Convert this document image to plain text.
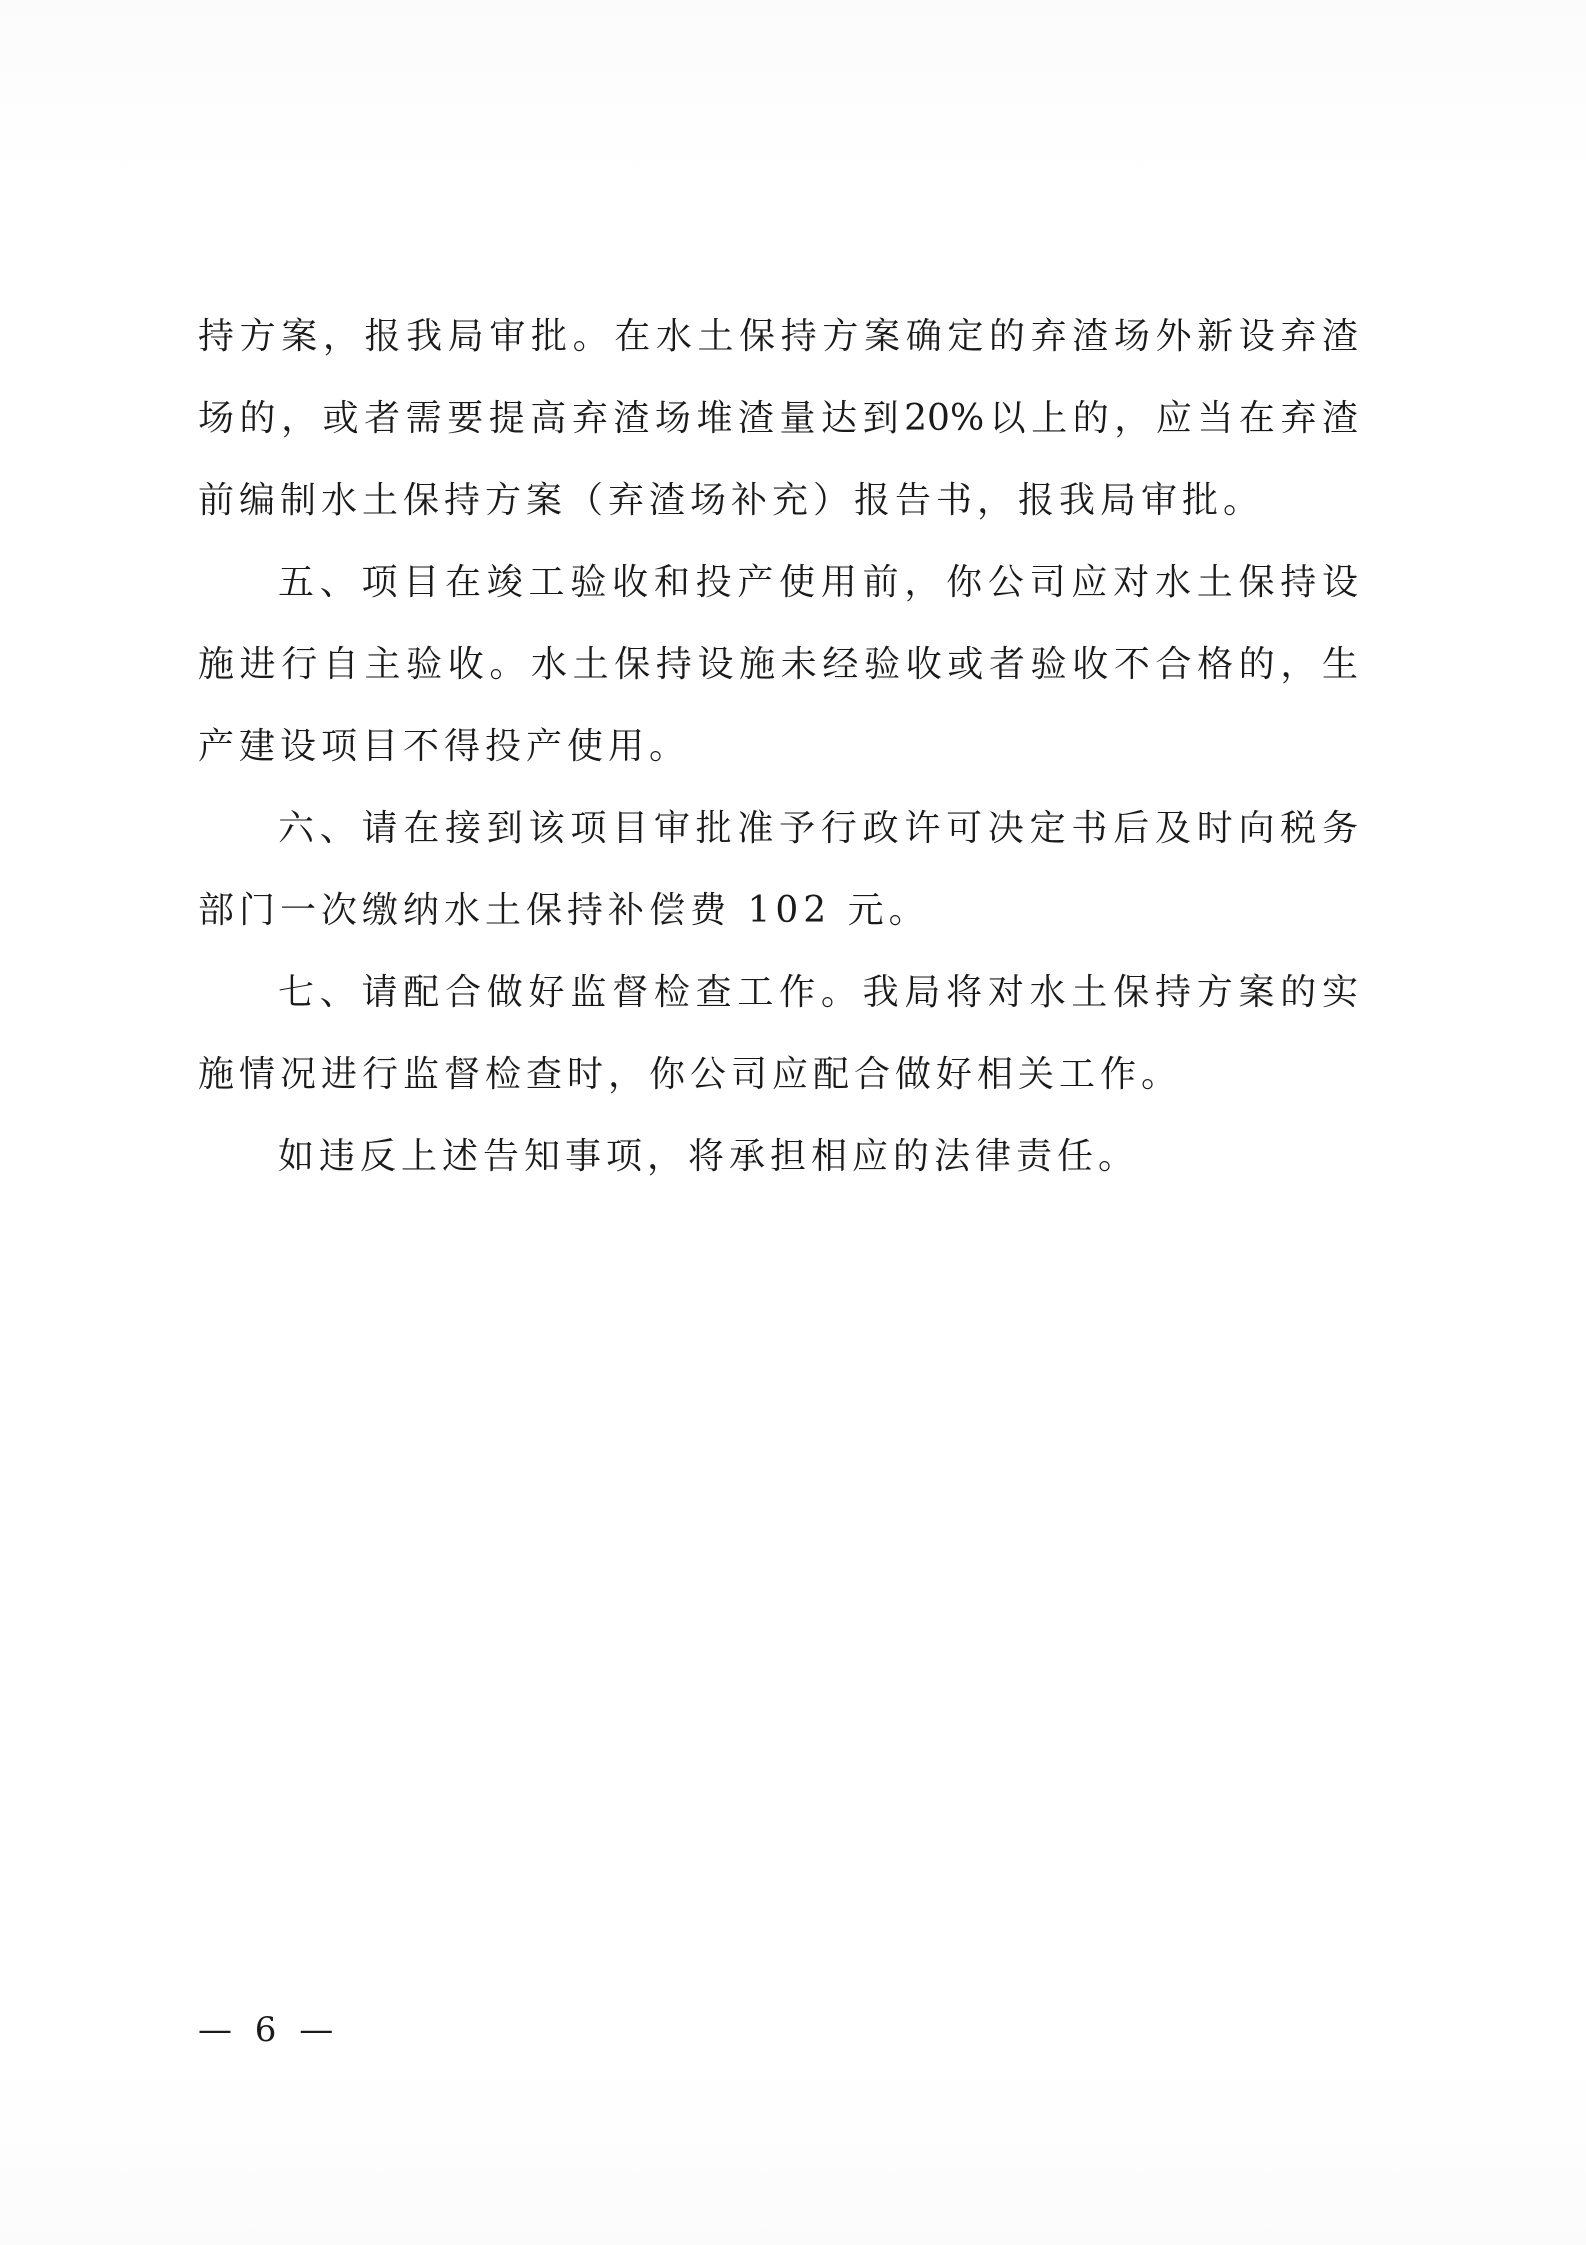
持方案，报我局审批。在水土保持方案确定的弃渣场外新设弃渣
场的，或者需要提高弃渣场堆渣量达到20%以上的，应当在弃渣
前编制水土保持方案（弃渣场补充）报告书，报我局审批。
五、项目在竣工验收和投产使用前，你公司应对水土保持设
施进行自主验收。水土保持设施未经验收或者验收不合格的，生
产建设项目不得投产使用。
六、请在接到该项目审批准予行政许可决定书后及时向税务
部门一次缴纳水土保持补偿费 102 元。
七、请配合做好监督检查工作。我局将对水土保持方案的实
施情况进行监督检查时，你公司应配合做好相关工作。
如违反上述告知事项，将承担相应的法律责任。
— 6 —
